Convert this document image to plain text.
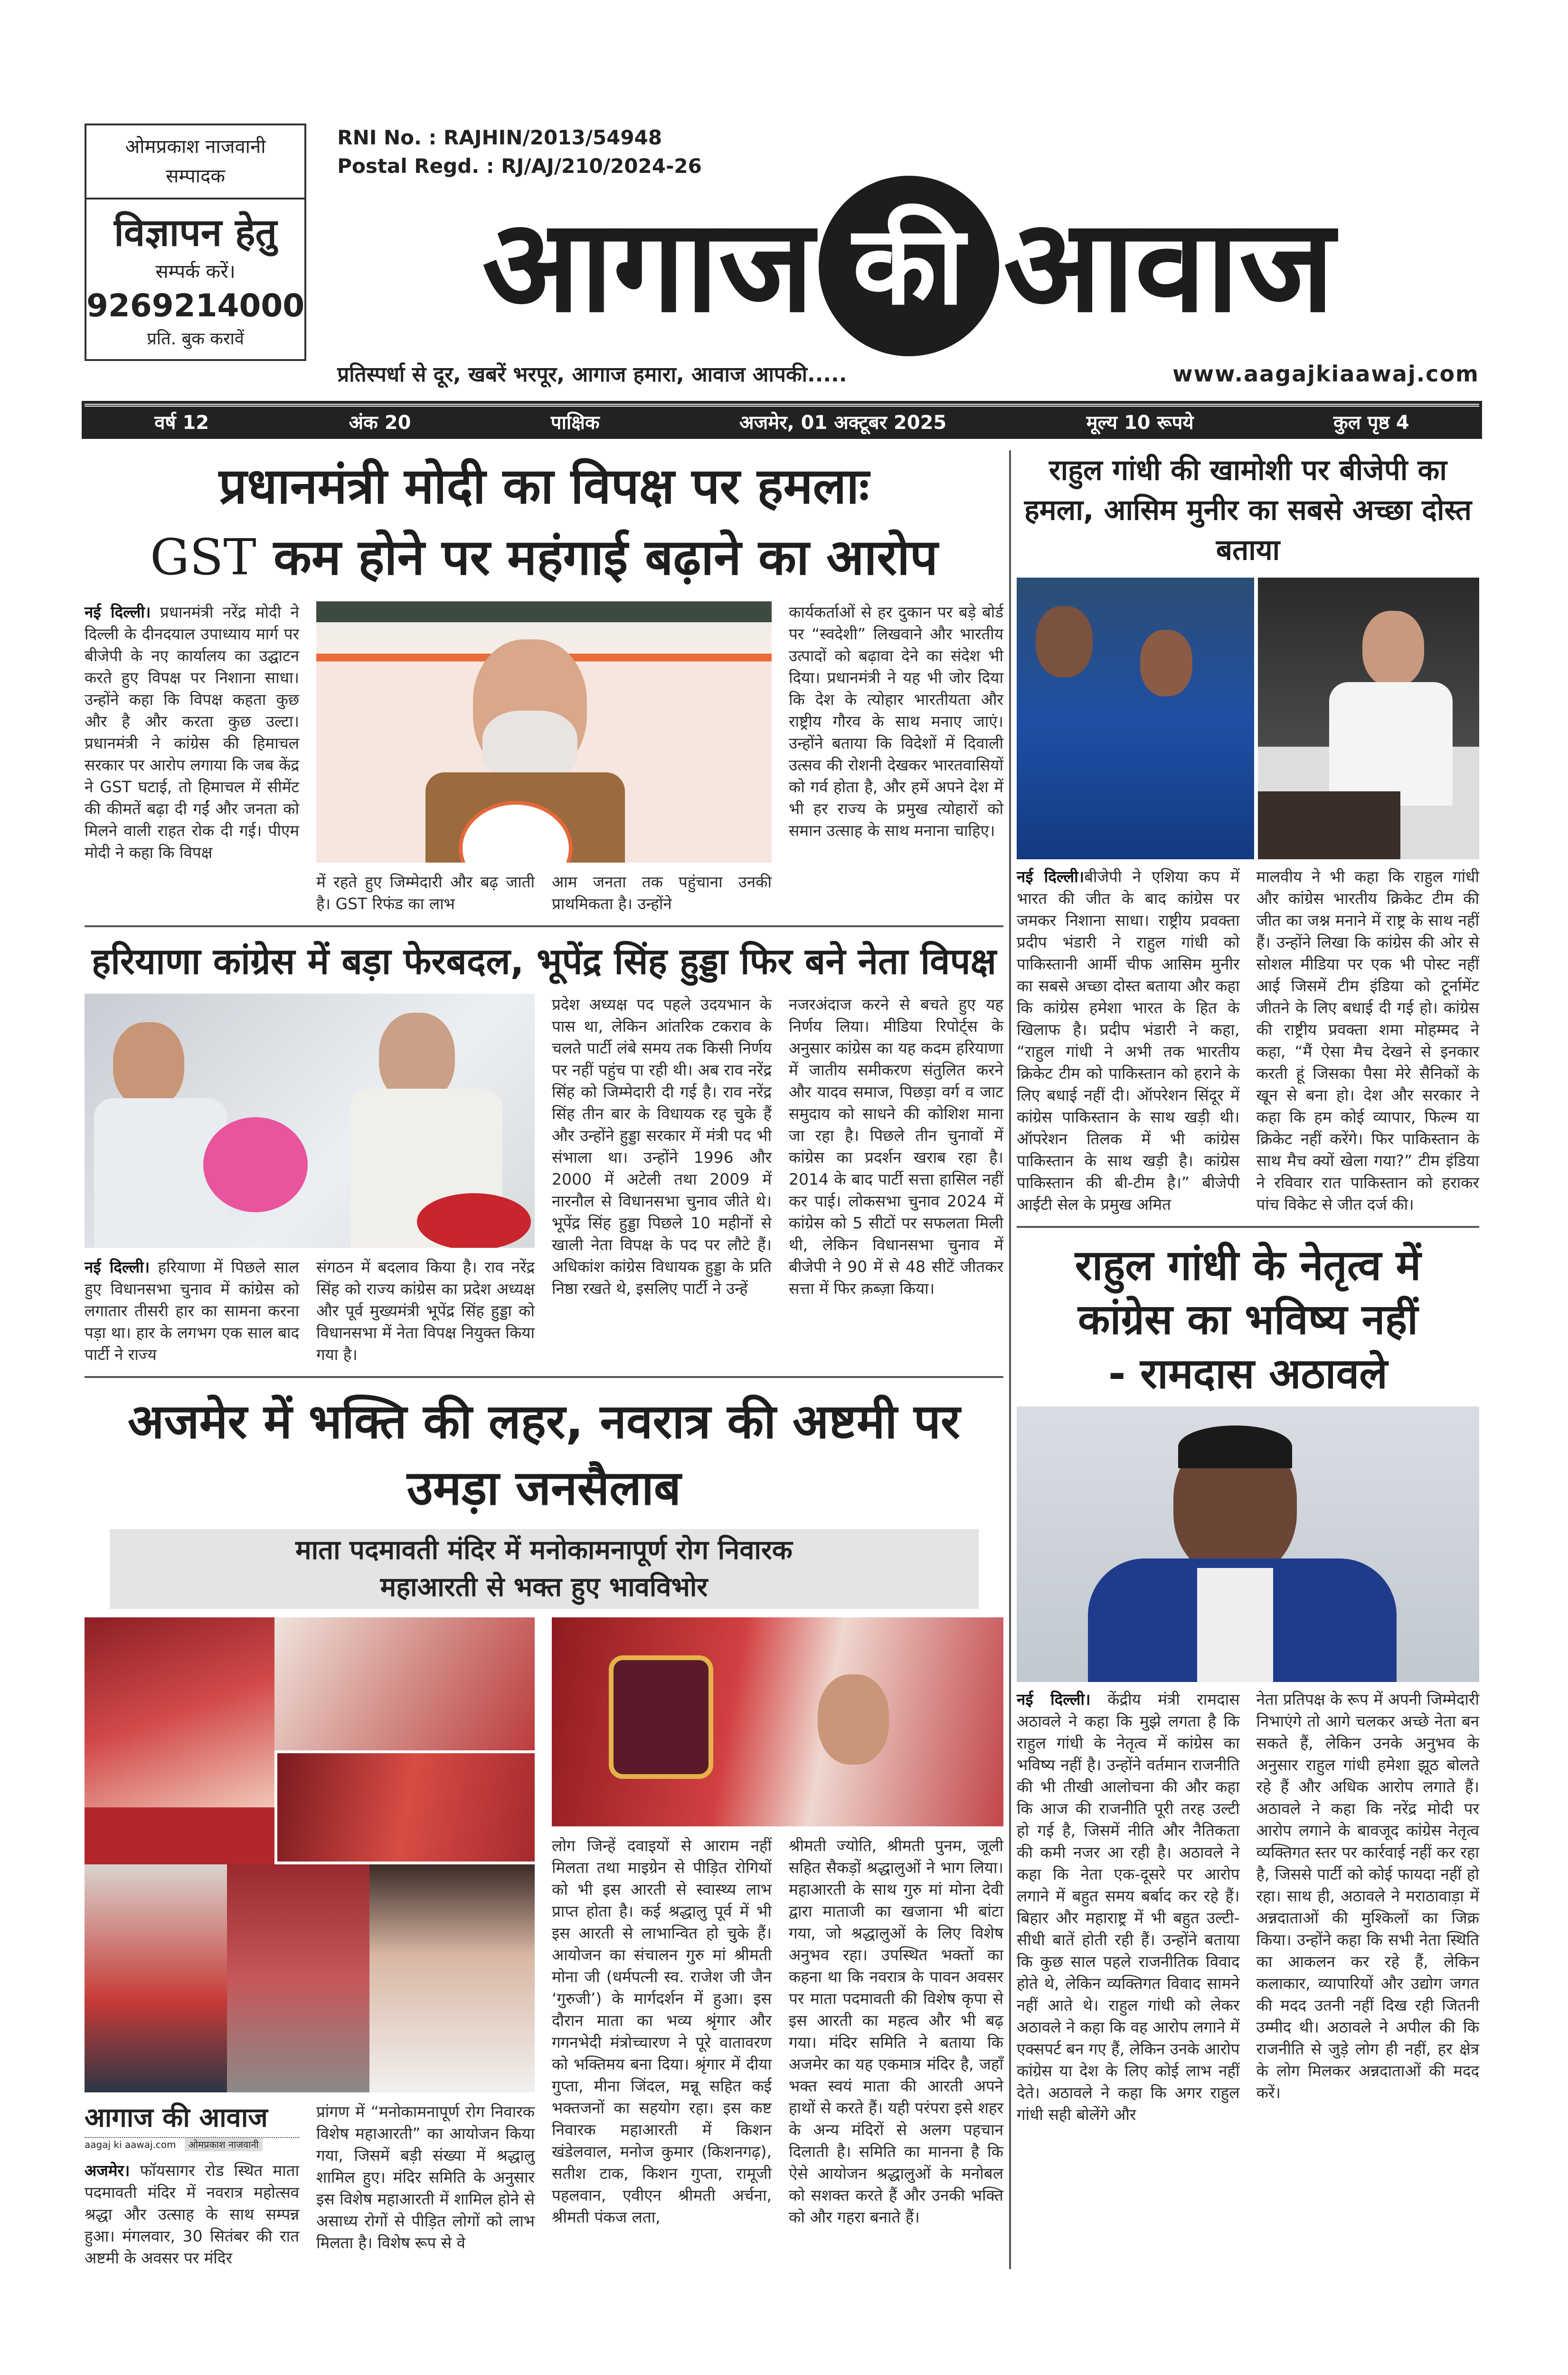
ओमप्रकाश नाजवानी
सम्पादक
विज्ञापन हेतु
सम्पर्क करें।
9269214000
प्रति. बुक करावें
RNI No. : RAJHIN/2013/54948
Postal Regd. : RJ/AJ/210/2024-26
आगाज की आवाज
प्रतिस्पर्धा से दूर, खबरें भरपूर, आगाज हमारा, आवाज आपकी.....	www.aagajkiaawaj.com
वर्ष 12	अंक 20	पाक्षिक	अजमेर, 01 अक्टूबर 2025	मूल्य 10 रूपये	कुल पृष्ठ 4
प्रधानमंत्री मोदी का विपक्ष पर हमलाः
GST कम होने पर महंगाई बढ़ाने का आरोप
नई दिल्ली। प्रधानमंत्री नरेंद्र मोदी ने दिल्ली के दीनदयाल उपाध्याय मार्ग पर बीजेपी के नए कार्यालय का उद्घाटन करते हुए विपक्ष पर निशाना साधा। उन्होंने कहा कि विपक्ष कहता कुछ और है और करता कुछ उल्टा। प्रधानमंत्री ने कांग्रेस की हिमाचल सरकार पर आरोप लगाया कि जब केंद्र ने GST घटाई, तो हिमाचल में सीमेंट की कीमतें बढ़ा दी गईं और जनता को मिलने वाली राहत रोक दी गई। पीएम मोदी ने कहा कि विपक्ष
में रहते हुए जिम्मेदारी और बढ़ जाती है। GST रिफंड का लाभ
आम जनता तक पहुंचाना उनकी प्राथमिकता है। उन्होंने
कार्यकर्ताओं से हर दुकान पर बड़े बोर्ड पर “स्वदेशी” लिखवाने और भारतीय उत्पादों को बढ़ावा देने का संदेश भी दिया। प्रधानमंत्री ने यह भी जोर दिया कि देश के त्योहार भारतीयता और राष्ट्रीय गौरव के साथ मनाए जाएं। उन्होंने बताया कि विदेशों में दिवाली उत्सव की रोशनी देखकर भारतवासियों को गर्व होता है, और हमें अपने देश में भी हर राज्य के प्रमुख त्योहारों को समान उत्साह के साथ मनाना चाहिए।
हरियाणा कांग्रेस में बड़ा फेरबदल, भूपेंद्र सिंह हुड्डा फिर बने नेता विपक्ष
नई दिल्ली। हरियाणा में पिछले साल हुए विधानसभा चुनाव में कांग्रेस को लगातार तीसरी हार का सामना करना पड़ा था। हार के लगभग एक साल बाद पार्टी ने राज्य
संगठन में बदलाव किया है। राव नरेंद्र सिंह को राज्य कांग्रेस का प्रदेश अध्यक्ष और पूर्व मुख्यमंत्री भूपेंद्र सिंह हुड्डा को विधानसभा में नेता विपक्ष नियुक्त किया गया है।
प्रदेश अध्यक्ष पद पहले उदयभान के पास था, लेकिन आंतरिक टकराव के चलते पार्टी लंबे समय तक किसी निर्णय पर नहीं पहुंच पा रही थी। अब राव नरेंद्र सिंह को जिम्मेदारी दी गई है। राव नरेंद्र सिंह तीन बार के विधायक रह चुके हैं और उन्होंने हुड्डा सरकार में मंत्री पद भी संभाला था। उन्होंने 1996 और 2000 में अटेली तथा 2009 में नारनौल से विधानसभा चुनाव जीते थे। भूपेंद्र सिंह हुड्डा पिछले 10 महीनों से खाली नेता विपक्ष के पद पर लौटे हैं। अधिकांश कांग्रेस विधायक हुड्डा के प्रति निष्ठा रखते थे, इसलिए पार्टी ने उन्हें
नजरअंदाज करने से बचते हुए यह निर्णय लिया। मीडिया रिपोर्ट्स के अनुसार कांग्रेस का यह कदम हरियाणा में जातीय समीकरण संतुलित करने और यादव समाज, पिछड़ा वर्ग व जाट समुदाय को साधने की कोशिश माना जा रहा है। पिछले तीन चुनावों में कांग्रेस का प्रदर्शन खराब रहा है। 2014 के बाद पार्टी सत्ता हासिल नहीं कर पाई। लोकसभा चुनाव 2024 में कांग्रेस को 5 सीटों पर सफलता मिली थी, लेकिन विधानसभा चुनाव में बीजेपी ने 90 में से 48 सीटें जीतकर सत्ता में फिर क़ब्ज़ा किया।
अजमेर में भक्ति की लहर, नवरात्र की अष्टमी पर उमड़ा जनसैलाब
माता पदमावती मंदिर में मनोकामनापूर्ण रोग निवारक
महाआरती से भक्त हुए भावविभोर
लोग जिन्हें दवाइयों से आराम नहीं मिलता तथा माइग्रेन से पीड़ित रोगियों को भी इस आरती से स्वास्थ्य लाभ प्राप्त होता है। कई श्रद्धालु पूर्व में भी इस आरती से लाभान्वित हो चुके हैं। आयोजन का संचालन गुरु मां श्रीमती मोना जी (धर्मपत्नी स्व. राजेश जी जैन ‘गुरुजी’) के मार्गदर्शन में हुआ। इस दौरान माता का भव्य श्रृंगार और गगनभेदी मंत्रोच्चारण ने पूरे वातावरण को भक्तिमय बना दिया। श्रृंगार में दीया गुप्ता, मीना जिंदल, मन्नू सहित कई भक्तजनों का सहयोग रहा। इस कष्ट निवारक महाआरती में किशन खंडेलवाल, मनोज कुमार (किशनगढ़), सतीश टाक, किशन गुप्ता, रामूजी पहलवान, एवीएन श्रीमती अर्चना, श्रीमती पंकज लता,
श्रीमती ज्योति, श्रीमती पुनम, जूली सहित सैकड़ों श्रद्धालुओं ने भाग लिया। महाआरती के साथ गुरु मां मोना देवी द्वारा माताजी का खजाना भी बांटा गया, जो श्रद्धालुओं के लिए विशेष अनुभव रहा। उपस्थित भक्तों का कहना था कि नवरात्र के पावन अवसर पर माता पदमावती की विशेष कृपा से इस आरती का महत्व और भी बढ़ गया। मंदिर समिति ने बताया कि अजमेर का यह एकमात्र मंदिर है, जहाँ भक्त स्वयं माता की आरती अपने हाथों से करते हैं। यही परंपरा इसे शहर के अन्य मंदिरों से अलग पहचान दिलाती है। समिति का मानना है कि ऐसे आयोजन श्रद्धालुओं के मनोबल को सशक्त करते हैं और उनकी भक्ति को और गहरा बनाते हैं।
आगाज की आवाज
aagaj ki aawaj.com	ओमप्रकाश नाजवानी
अजमेर। फॉयसागर रोड स्थित माता पदमावती मंदिर में नवरात्र महोत्सव श्रद्धा और उत्साह के साथ सम्पन्न हुआ। मंगलवार, 30 सितंबर की रात अष्टमी के अवसर पर मंदिर
प्रांगण में “मनोकामनापूर्ण रोग निवारक विशेष महाआरती” का आयोजन किया गया, जिसमें बड़ी संख्या में श्रद्धालु शामिल हुए। मंदिर समिति के अनुसार इस विशेष महाआरती में शामिल होने से असाध्य रोगों से पीड़ित लोगों को लाभ मिलता है। विशेष रूप से वे
राहुल गांधी की खामोशी पर बीजेपी का हमला, आसिम मुनीर का सबसे अच्छा दोस्त बताया
नई दिल्ली।बीजेपी ने एशिया कप में भारत की जीत के बाद कांग्रेस पर जमकर निशाना साधा। राष्ट्रीय प्रवक्ता प्रदीप भंडारी ने राहुल गांधी को पाकिस्तानी आर्मी चीफ आसिम मुनीर का सबसे अच्छा दोस्त बताया और कहा कि कांग्रेस हमेशा भारत के हित के खिलाफ है। प्रदीप भंडारी ने कहा, “राहुल गांधी ने अभी तक भारतीय क्रिकेट टीम को पाकिस्तान को हराने के लिए बधाई नहीं दी। ऑपरेशन सिंदूर में कांग्रेस पाकिस्तान के साथ खड़ी थी। ऑपरेशन तिलक में भी कांग्रेस पाकिस्तान के साथ खड़ी है। कांग्रेस पाकिस्तान की बी-टीम है।” बीजेपी आईटी सेल के प्रमुख अमित
मालवीय ने भी कहा कि राहुल गांधी और कांग्रेस भारतीय क्रिकेट टीम की जीत का जश्न मनाने में राष्ट्र के साथ नहीं हैं। उन्होंने लिखा कि कांग्रेस की ओर से सोशल मीडिया पर एक भी पोस्ट नहीं आई जिसमें टीम इंडिया को टूर्नामेंट जीतने के लिए बधाई दी गई हो। कांग्रेस की राष्ट्रीय प्रवक्ता शमा मोहम्मद ने कहा, “मैं ऐसा मैच देखने से इनकार करती हूं जिसका पैसा मेरे सैनिकों के खून से बना हो। देश और सरकार ने कहा कि हम कोई व्यापार, फिल्म या क्रिकेट नहीं करेंगे। फिर पाकिस्तान के साथ मैच क्यों खेला गया?” टीम इंडिया ने रविवार रात पाकिस्तान को हराकर पांच विकेट से जीत दर्ज की।
राहुल गांधी के नेतृत्व में
कांग्रेस का भविष्य नहीं
- रामदास अठावले
नई दिल्ली। केंद्रीय मंत्री रामदास अठावले ने कहा कि मुझे लगता है कि राहुल गांधी के नेतृत्व में कांग्रेस का भविष्य नहीं है। उन्होंने वर्तमान राजनीति की भी तीखी आलोचना की और कहा कि आज की राजनीति पूरी तरह उल्टी हो गई है, जिसमें नीति और नैतिकता की कमी नजर आ रही है। अठावले ने कहा कि नेता एक-दूसरे पर आरोप लगाने में बहुत समय बर्बाद कर रहे हैं। बिहार और महाराष्ट्र में भी बहुत उल्टी-सीधी बातें होती रही हैं। उन्होंने बताया कि कुछ साल पहले राजनीतिक विवाद होते थे, लेकिन व्यक्तिगत विवाद सामने नहीं आते थे। राहुल गांधी को लेकर अठावले ने कहा कि वह आरोप लगाने में एक्सपर्ट बन गए हैं, लेकिन उनके आरोप कांग्रेस या देश के लिए कोई लाभ नहीं देते। अठावले ने कहा कि अगर राहुल गांधी सही बोलेंगे और
नेता प्रतिपक्ष के रूप में अपनी जिम्मेदारी निभाएंगे तो आगे चलकर अच्छे नेता बन सकते हैं, लेकिन उनके अनुभव के अनुसार राहुल गांधी हमेशा झूठ बोलते रहे हैं और अधिक आरोप लगाते हैं। अठावले ने कहा कि नरेंद्र मोदी पर आरोप लगाने के बावजूद कांग्रेस नेतृत्व व्यक्तिगत स्तर पर कार्रवाई नहीं कर रहा है, जिससे पार्टी को कोई फायदा नहीं हो रहा। साथ ही, अठावले ने मराठावाड़ा में अन्नदाताओं की मुश्किलों का जिक्र किया। उन्होंने कहा कि सभी नेता स्थिति का आकलन कर रहे हैं, लेकिन कलाकार, व्यापारियों और उद्योग जगत की मदद उतनी नहीं दिख रही जितनी उम्मीद थी। अठावले ने अपील की कि राजनीति से जुड़े लोग ही नहीं, हर क्षेत्र के लोग मिलकर अन्नदाताओं की मदद करें।
